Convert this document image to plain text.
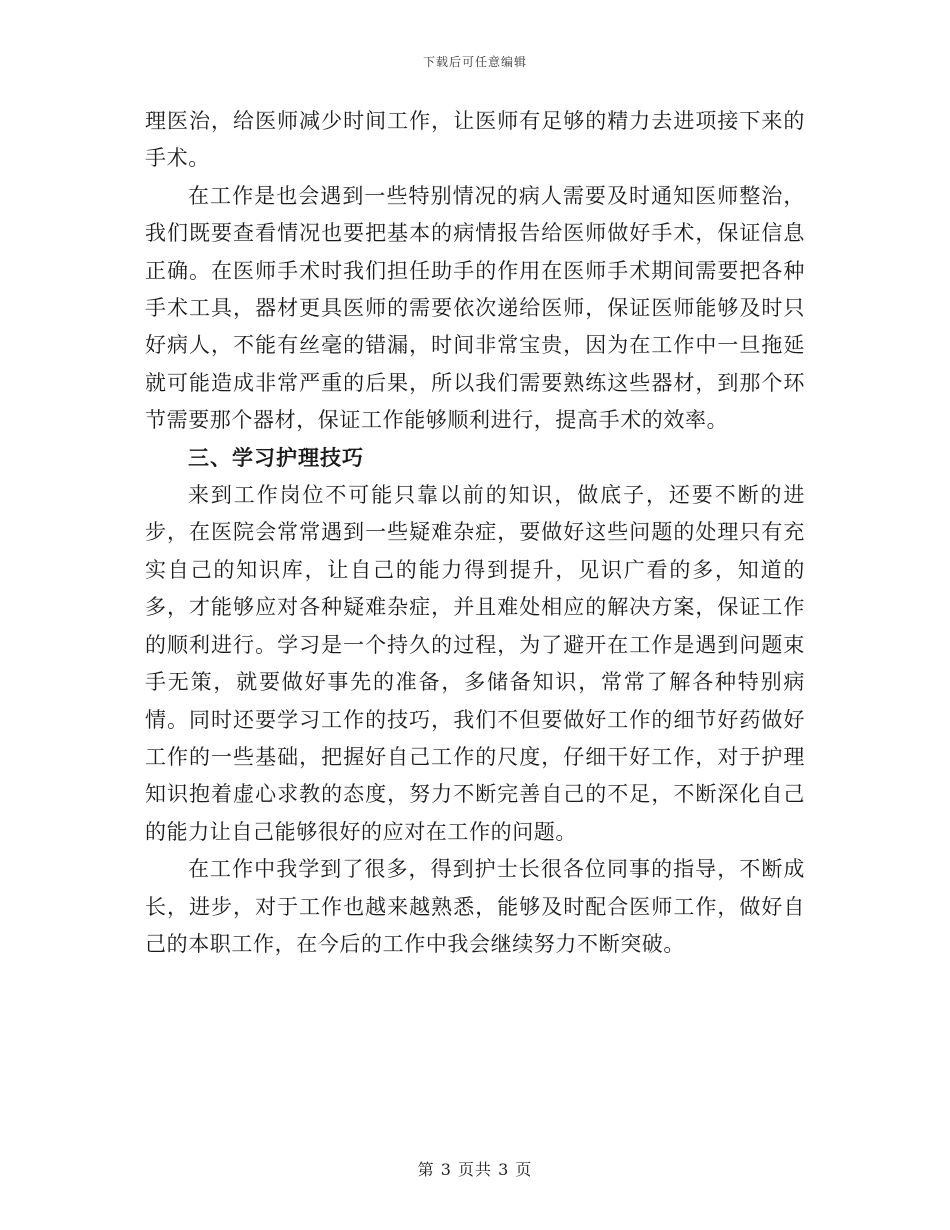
下载后可任意编辑

理医治，给医师减少时间工作，让医师有足够的精力去进项接下来的手术。

在工作是也会遇到一些特别情况的病人需要及时通知医师整治，我们既要查看情况也要把基本的病情报告给医师做好手术，保证信息正确。在医师手术时我们担任助手的作用在医师手术期间需要把各种手术工具，器材更具医师的需要依次递给医师，保证医师能够及时只好病人，不能有丝毫的错漏，时间非常宝贵，因为在工作中一旦拖延就可能造成非常严重的后果，所以我们需要熟练这些器材，到那个环节需要那个器材，保证工作能够顺利进行，提高手术的效率。

三、学习护理技巧

来到工作岗位不可能只靠以前的知识，做底子，还要不断的进步，在医院会常常遇到一些疑难杂症，要做好这些问题的处理只有充实自己的知识库，让自己的能力得到提升，见识广看的多，知道的多，才能够应对各种疑难杂症，并且难处相应的解决方案，保证工作的顺利进行。学习是一个持久的过程，为了避开在工作是遇到问题束手无策，就要做好事先的准备，多储备知识，常常了解各种特别病情。同时还要学习工作的技巧，我们不但要做好工作的细节好药做好工作的一些基础，把握好自己工作的尺度，仔细干好工作，对于护理知识抱着虚心求教的态度，努力不断完善自己的不足，不断深化自己的能力让自己能够很好的应对在工作的问题。

在工作中我学到了很多，得到护士长很各位同事的指导，不断成长，进步，对于工作也越来越熟悉，能够及时配合医师工作，做好自己的本职工作，在今后的工作中我会继续努力不断突破。

第 3 页共 3 页
